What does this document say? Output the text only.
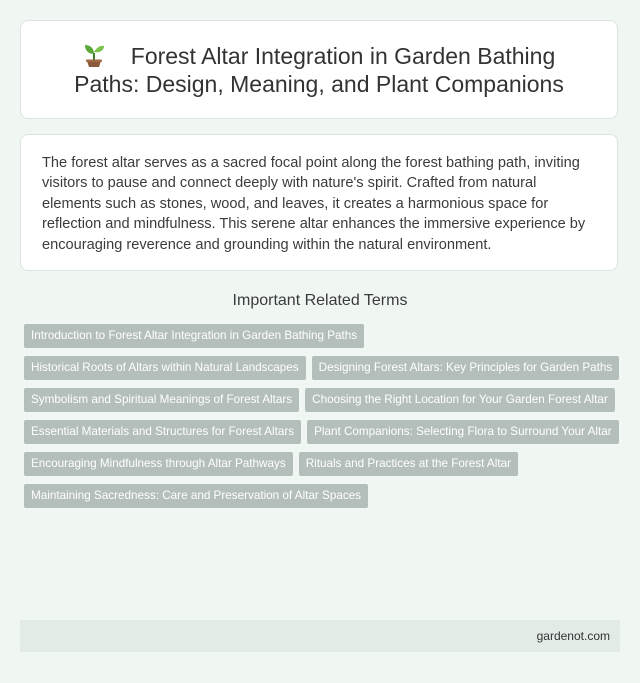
Forest Altar Integration in Garden Bathing Paths: Design, Meaning, and Plant Companions

The forest altar serves as a sacred focal point along the forest bathing path, inviting visitors to pause and connect deeply with nature's spirit. Crafted from natural elements such as stones, wood, and leaves, it creates a harmonious space for reflection and mindfulness. This serene altar enhances the immersive experience by encouraging reverence and grounding within the natural environment.

Important Related Terms
Introduction to Forest Altar Integration in Garden Bathing Paths
Historical Roots of Altars within Natural Landscapes	Designing Forest Altars: Key Principles for Garden Paths
Symbolism and Spiritual Meanings of Forest Altars	Choosing the Right Location for Your Garden Forest Altar
Essential Materials and Structures for Forest Altars	Plant Companions: Selecting Flora to Surround Your Altar
Encouraging Mindfulness through Altar Pathways	Rituals and Practices at the Forest Altar
Maintaining Sacredness: Care and Preservation of Altar Spaces
gardenot.com
